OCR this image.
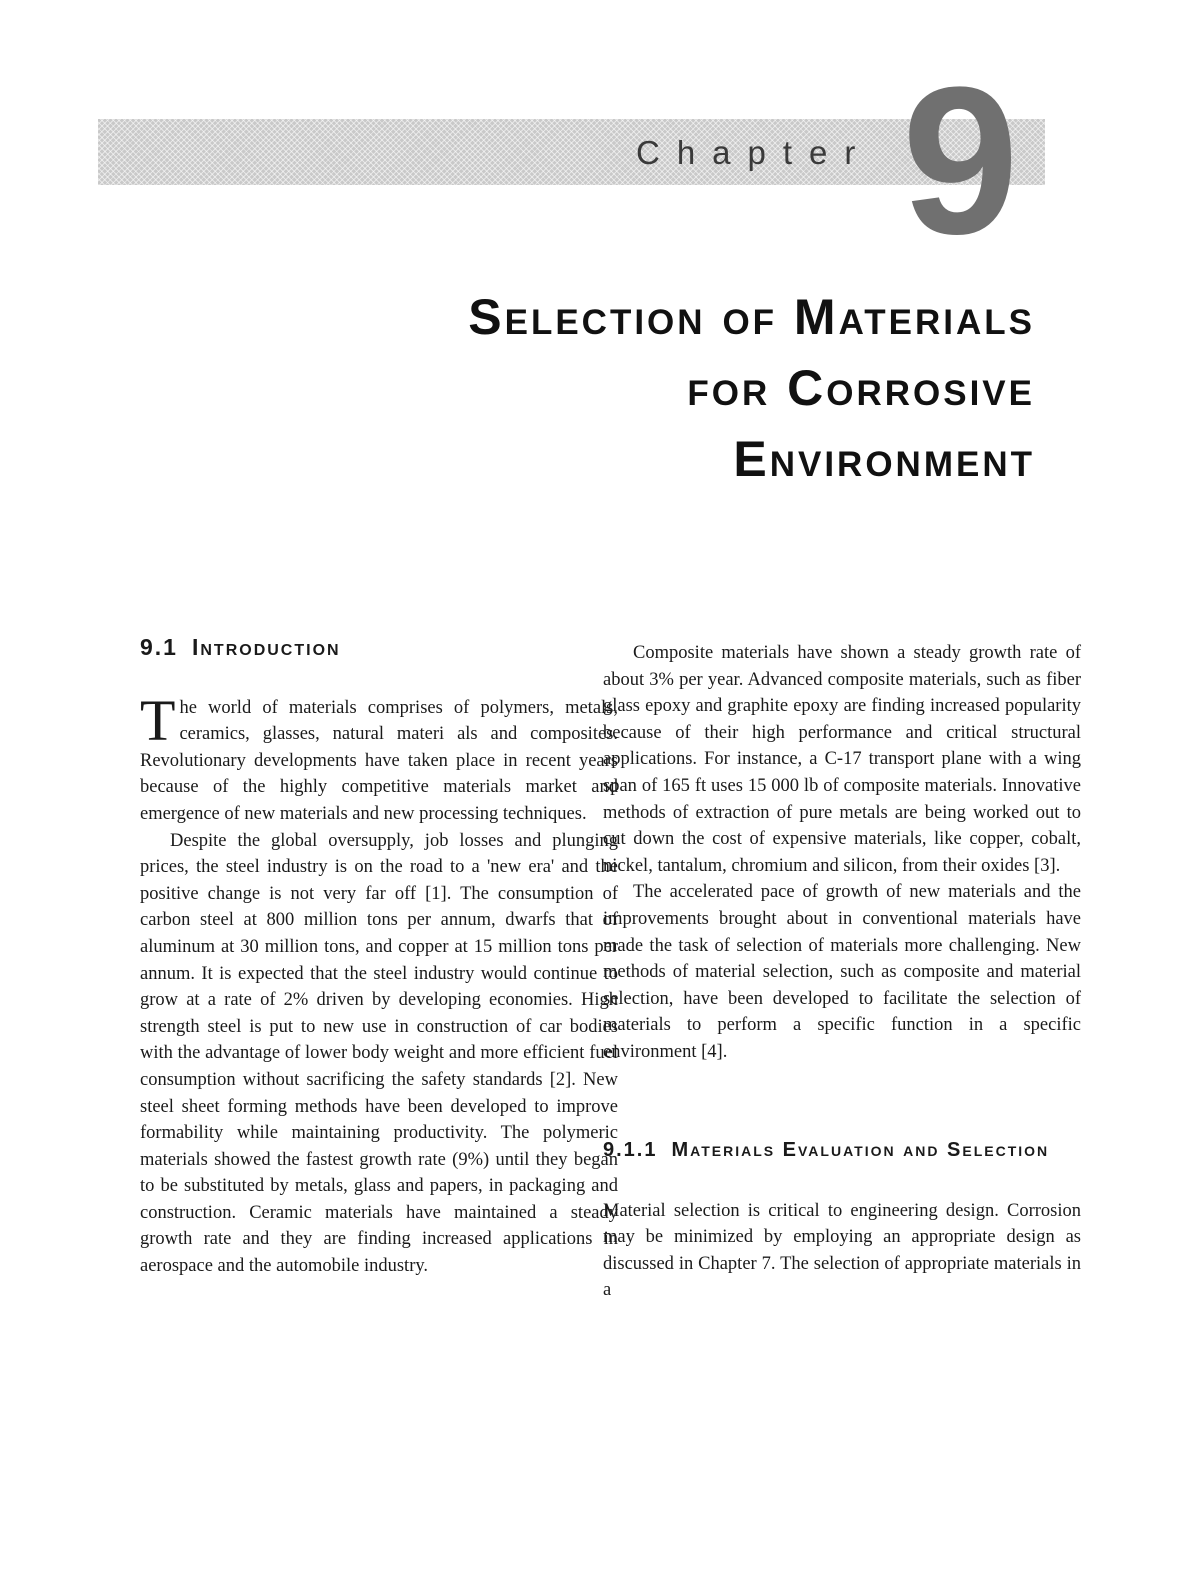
Chapter 9
Selection of Materials
for Corrosive
Environment
9.1 Introduction

The world of materials comprises of polymers, metals, ceramics, glasses, natural materi als and composites. Revolutionary developments have taken place in recent years because of the highly competitive materials market and emergence of new materials and new processing techniques.

Despite the global oversupply, job losses and plunging prices, the steel industry is on the road to a 'new era' and the positive change is not very far off [1]. The consumption of carbon steel at 800 million tons per annum, dwarfs that of aluminum at 30 million tons, and copper at 15 million tons per annum. It is expected that the steel industry would continue to grow at a rate of 2% driven by developing economies. High strength steel is put to new use in construction of car bodies with the advantage of lower body weight and more efficient fuel consumption without sacrificing the safety standards [2]. New steel sheet forming methods have been developed to improve formability while maintaining productivity. The polymeric materials showed the fastest growth rate (9%) until they began to be substituted by metals, glass and papers, in packaging and construction. Ceramic materials have maintained a steady growth rate and they are finding increased applications in aerospace and the automobile industry.

Composite materials have shown a steady growth rate of about 3% per year. Advanced composite materials, such as fiber glass epoxy and graphite epoxy are finding increased popularity because of their high performance and critical structural applications. For instance, a C-17 transport plane with a wing span of 165 ft uses 15 000 lb of composite materials. Innovative methods of extraction of pure metals are being worked out to cut down the cost of expensive materials, like copper, cobalt, nickel, tantalum, chromium and silicon, from their oxides [3].

The accelerated pace of growth of new materials and the improvements brought about in conventional materials have made the task of selection of materials more challenging. New methods of material selection, such as composite and material selection, have been developed to facilitate the selection of materials to perform a specific function in a specific environment [4].

9.1.1 Materials Evaluation and Selection

Material selection is critical to engineering design. Corrosion may be minimized by employing an appropriate design as discussed in Chapter 7. The selection of appropriate materials in a
